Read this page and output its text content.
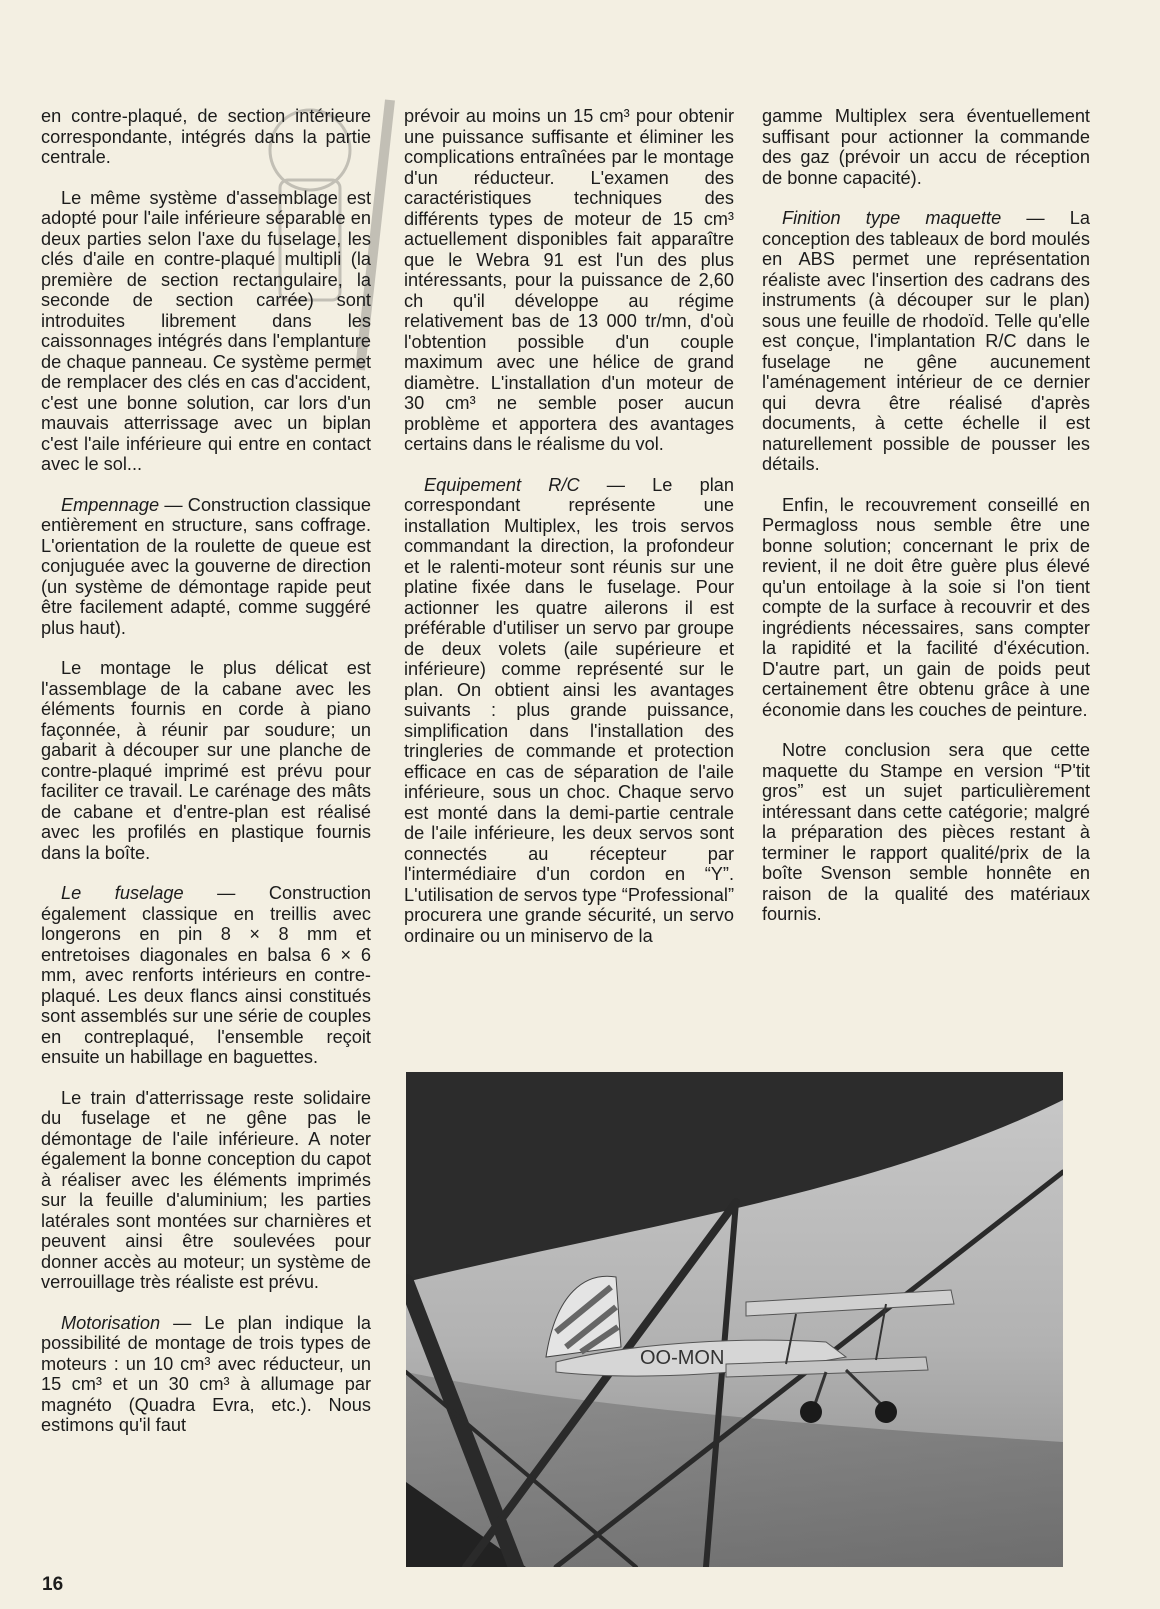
en contre-plaqué, de section intérieure correspondante, intégrés dans la partie centrale.

Le même système d'assemblage est adopté pour l'aile inférieure séparable en deux parties selon l'axe du fuselage, les clés d'aile en contre-plaqué multipli (la première de section rectangulaire, la seconde de section carrée) sont introduites librement dans les caissonnages intégrés dans l'emplanture de chaque panneau. Ce système permet de remplacer des clés en cas d'accident, c'est une bonne solution, car lors d'un mauvais atterrissage avec un biplan c'est l'aile inférieure qui entre en contact avec le sol...

Empennage — Construction classique entièrement en structure, sans coffrage. L'orientation de la roulette de queue est conjuguée avec la gouverne de direction (un système de démontage rapide peut être facilement adapté, comme suggéré plus haut).

Le montage le plus délicat est l'assemblage de la cabane avec les éléments fournis en corde à piano façonnée, à réunir par soudure; un gabarit à découper sur une planche de contre-plaqué imprimé est prévu pour faciliter ce travail. Le carénage des mâts de cabane et d'entre-plan est réalisé avec les profilés en plastique fournis dans la boîte.

Le fuselage — Construction également classique en treillis avec longerons en pin 8 × 8 mm et entretoises diagonales en balsa 6 × 6 mm, avec renforts intérieurs en contre-plaqué. Les deux flancs ainsi constitués sont assemblés sur une série de couples en contreplaqué, l'ensemble reçoit ensuite un habillage en baguettes.

Le train d'atterrissage reste solidaire du fuselage et ne gêne pas le démontage de l'aile inférieure. A noter également la bonne conception du capot à réaliser avec les éléments imprimés sur la feuille d'aluminium; les parties latérales sont montées sur charnières et peuvent ainsi être soulevées pour donner accès au moteur; un système de verrouillage très réaliste est prévu.

Motorisation — Le plan indique la possibilité de montage de trois types de moteurs : un 10 cm³ avec réducteur, un 15 cm³ et un 30 cm³ à allumage par magnéto (Quadra Evra, etc.). Nous estimons qu'il faut

prévoir au moins un 15 cm³ pour obtenir une puissance suffisante et éliminer les complications entraînées par le montage d'un réducteur. L'examen des caractéristiques techniques des différents types de moteur de 15 cm³ actuellement disponibles fait apparaître que le Webra 91 est l'un des plus intéressants, pour la puissance de 2,60 ch qu'il développe au régime relativement bas de 13 000 tr/mn, d'où l'obtention possible d'un couple maximum avec une hélice de grand diamètre. L'installation d'un moteur de 30 cm³ ne semble poser aucun problème et apportera des avantages certains dans le réalisme du vol.

Equipement R/C — Le plan correspondant représente une installation Multiplex, les trois servos commandant la direction, la profondeur et le ralenti-moteur sont réunis sur une platine fixée dans le fuselage. Pour actionner les quatre ailerons il est préférable d'utiliser un servo par groupe de deux volets (aile supérieure et inférieure) comme représenté sur le plan. On obtient ainsi les avantages suivants : plus grande puissance, simplification dans l'installation des tringleries de commande et protection efficace en cas de séparation de l'aile inférieure, sous un choc. Chaque servo est monté dans la demi-partie centrale de l'aile inférieure, les deux servos sont connectés au récepteur par l'intermédiaire d'un cordon en “Y”. L'utilisation de servos type “Professional” procurera une grande sécurité, un servo ordinaire ou un miniservo de la

gamme Multiplex sera éventuellement suffisant pour actionner la commande des gaz (prévoir un accu de réception de bonne capacité).

Finition type maquette — La conception des tableaux de bord moulés en ABS permet une représentation réaliste avec l'insertion des cadrans des instruments (à découper sur le plan) sous une feuille de rhodoïd. Telle qu'elle est conçue, l'implantation R/C dans le fuselage ne gêne aucunement l'aménagement intérieur de ce dernier qui devra être réalisé d'après documents, à cette échelle il est naturellement possible de pousser les détails.

Enfin, le recouvrement conseillé en Permagloss nous semble être une bonne solution; concernant le prix de revient, il ne doit être guère plus élevé qu'un entoilage à la soie si l'on tient compte de la surface à recouvrir et des ingrédients nécessaires, sans compter la rapidité et la facilité d'éxécution. D'autre part, un gain de poids peut certainement être obtenu grâce à une économie dans les couches de peinture.

Notre conclusion sera que cette maquette du Stampe en version “P'tit gros” est un sujet particulièrement intéressant dans cette catégorie; malgré la préparation des pièces restant à terminer le rapport qualité/prix de la boîte Svenson semble honnête en raison de la qualité des matériaux fournis.

OO-MON
16
